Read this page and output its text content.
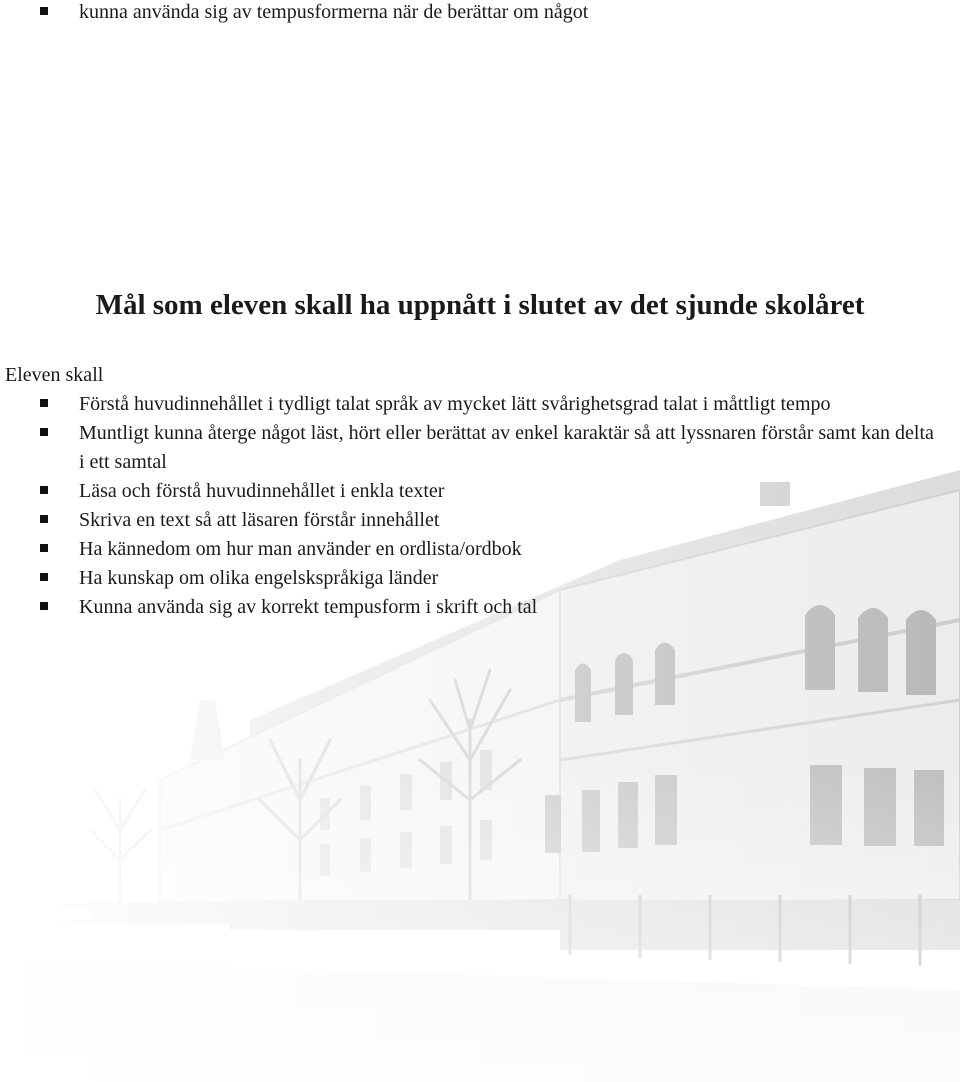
kunna använda sig av tempusformerna när de berättar om något
Mål som eleven skall ha uppnått i slutet av det sjunde skolåret

Eleven skall

Förstå huvudinnehållet i tydligt talat språk av mycket lätt svårighetsgrad talat i måttligt tempo
Muntligt kunna återge något läst, hört eller berättat av enkel karaktär så att lyssnaren förstår samt kan delta i ett samtal
Läsa och förstå huvudinnehållet i enkla texter
Skriva en text så att läsaren förstår innehållet
Ha kännedom om hur man använder en ordlista/ordbok
Ha kunskap om olika engelskspråkiga länder
Kunna använda sig av korrekt tempusform i skrift och tal
